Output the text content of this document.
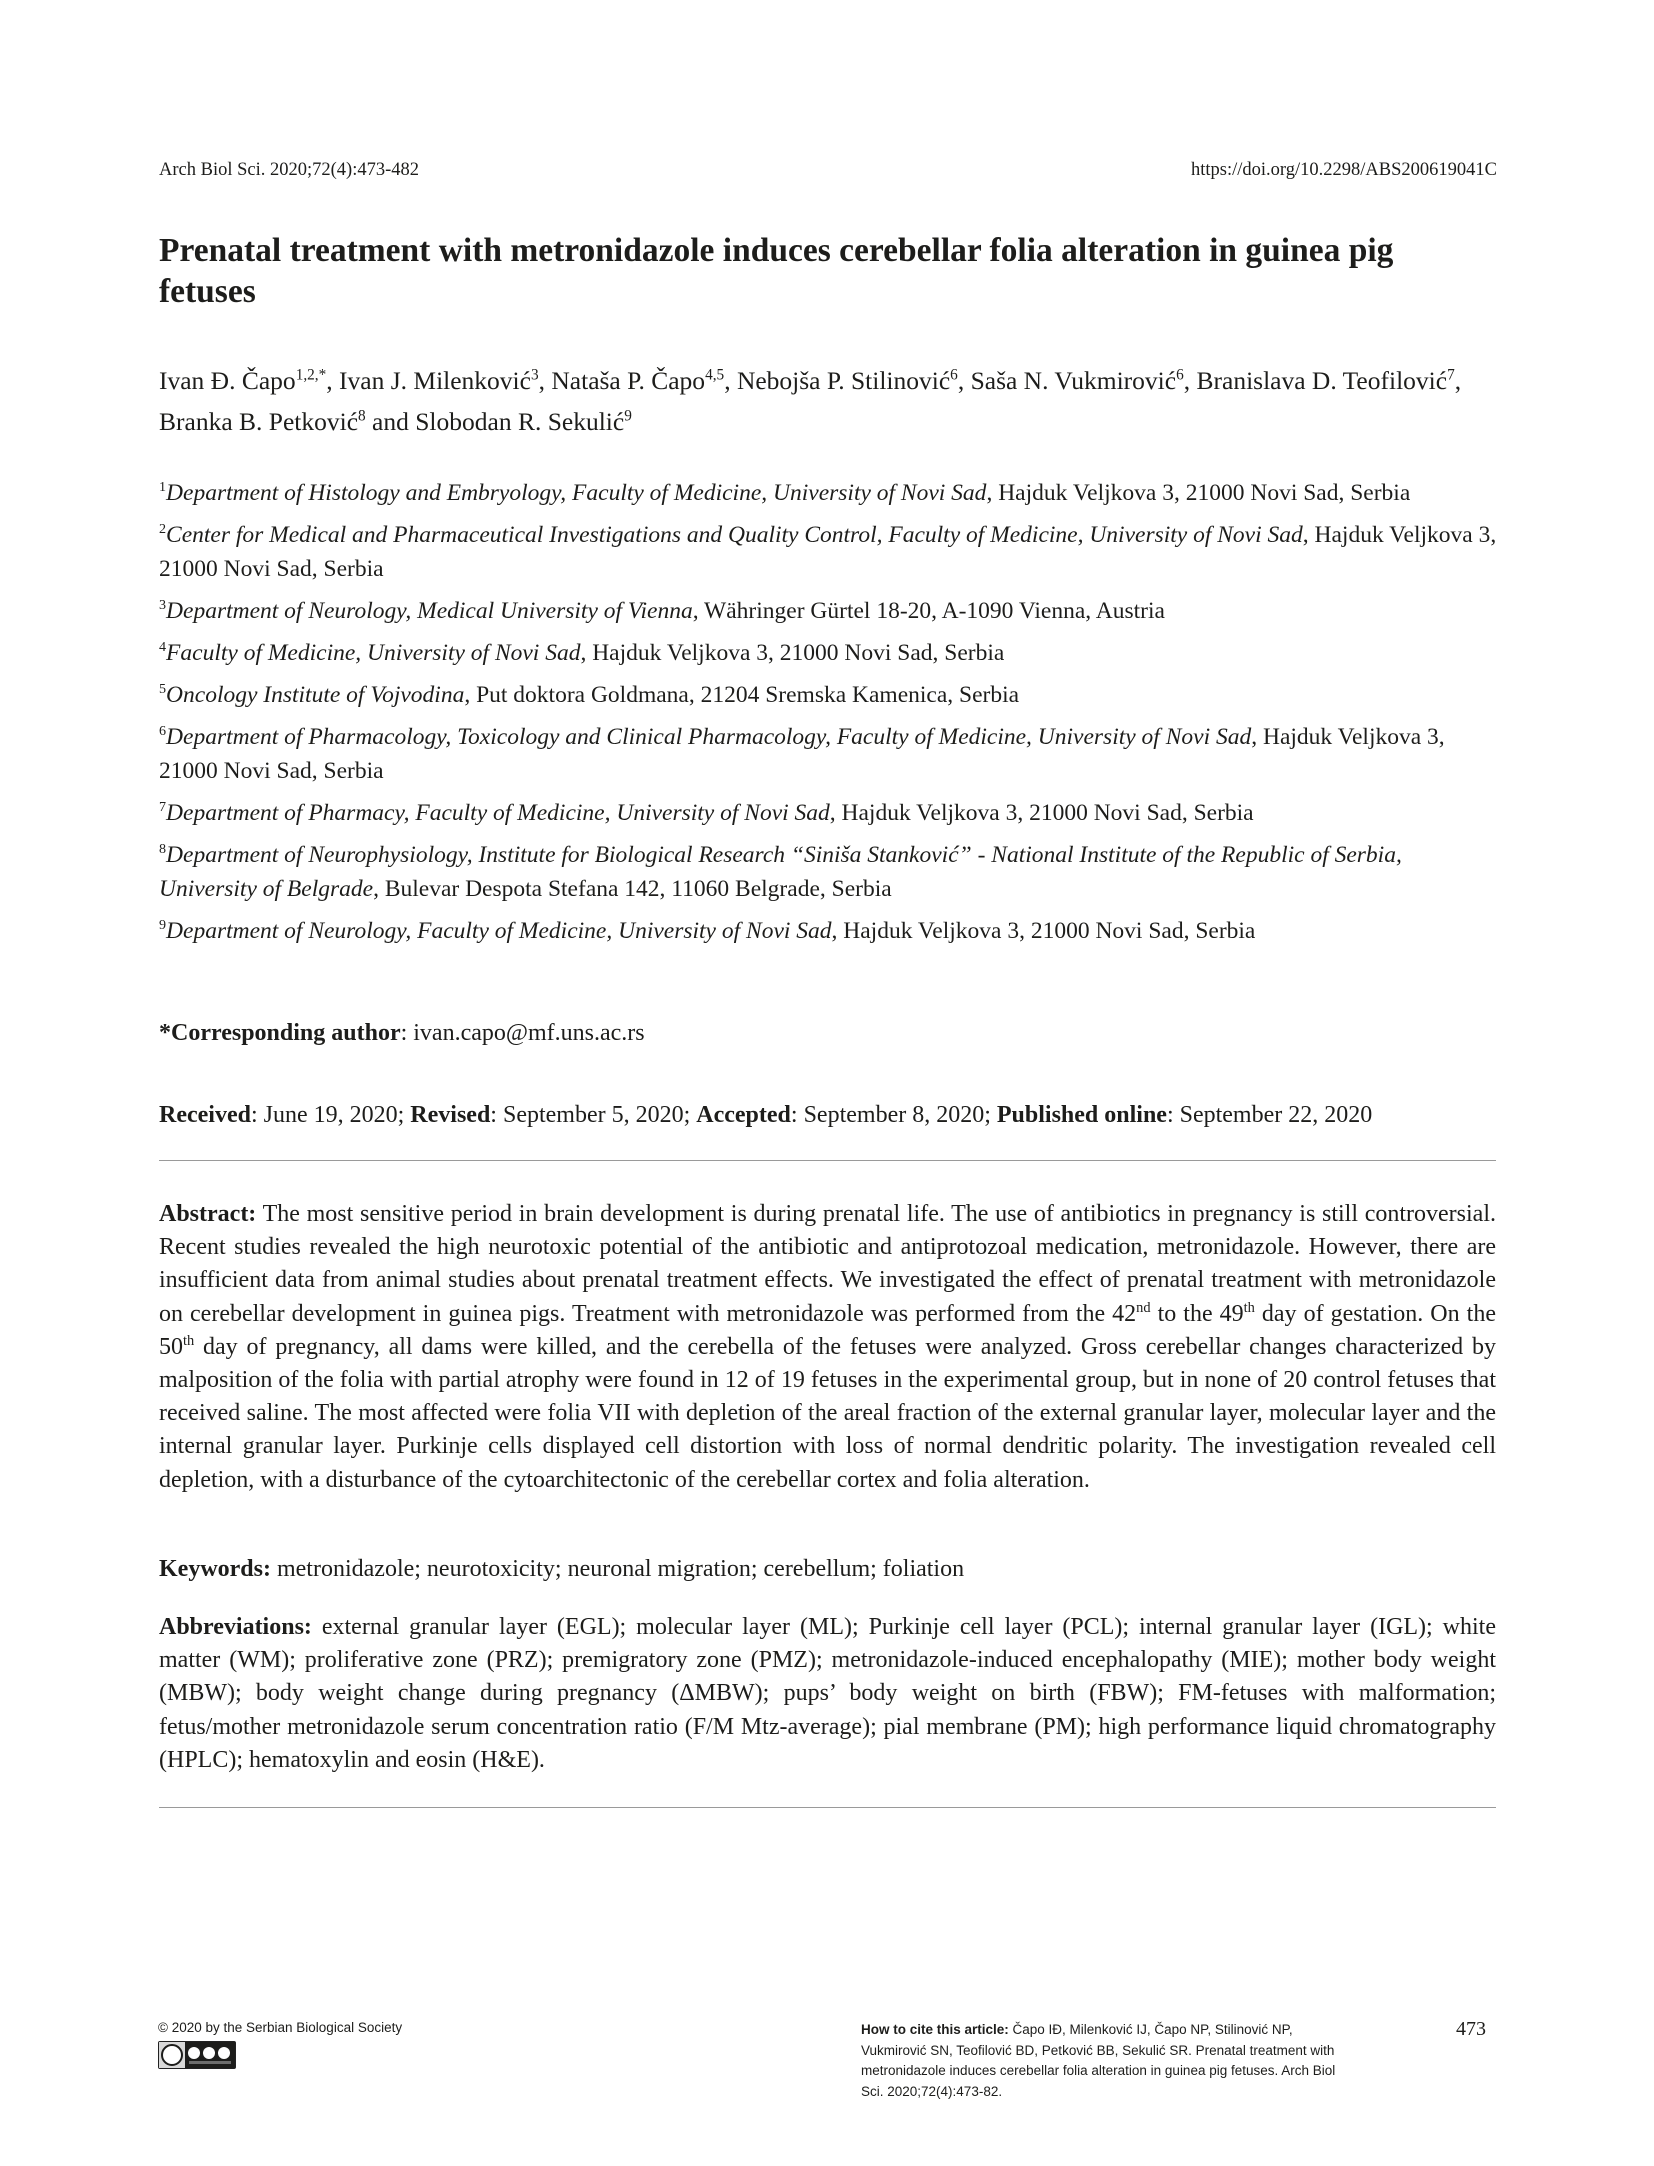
Arch Biol Sci. 2020;72(4):473-482	https://doi.org/10.2298/ABS200619041C
Prenatal treatment with metronidazole induces cerebellar folia alteration in guinea pig fetuses
Ivan Đ. Čapo$^{1,2,*}$, Ivan J. Milenković$^3$, Nataša P. Čapo$^{4,5}$, Nebojša P. Stilinović$^6$, Saša N. Vukmirović$^6$, Branislava D. Teofilović$^7$, Branka B. Petković$^8$ and Slobodan R. Sekulić$^9$

$^1$Department of Histology and Embryology, Faculty of Medicine, University of Novi Sad, Hajduk Veljkova 3, 21000 Novi Sad, Serbia

$^2$Center for Medical and Pharmaceutical Investigations and Quality Control, Faculty of Medicine, University of Novi Sad, Hajduk Veljkova 3, 21000 Novi Sad, Serbia

$^3$Department of Neurology, Medical University of Vienna, Währinger Gürtel 18-20, A-1090 Vienna, Austria

$^4$Faculty of Medicine, University of Novi Sad, Hajduk Veljkova 3, 21000 Novi Sad, Serbia

$^5$Oncology Institute of Vojvodina, Put doktora Goldmana, 21204 Sremska Kamenica, Serbia

$^6$Department of Pharmacology, Toxicology and Clinical Pharmacology, Faculty of Medicine, University of Novi Sad, Hajduk Veljkova 3, 21000 Novi Sad, Serbia

$^7$Department of Pharmacy, Faculty of Medicine, University of Novi Sad, Hajduk Veljkova 3, 21000 Novi Sad, Serbia

$^8$Department of Neurophysiology, Institute for Biological Research “Siniša Stanković” - National Institute of the Republic of Serbia, University of Belgrade, Bulevar Despota Stefana 142, 11060 Belgrade, Serbia

$^9$Department of Neurology, Faculty of Medicine, University of Novi Sad, Hajduk Veljkova 3, 21000 Novi Sad, Serbia

*Corresponding author: ivan.capo@mf.uns.ac.rs
Received: June 19, 2020; Revised: September 5, 2020; Accepted: September 8, 2020; Published online: September 22, 2020

Abstract: The most sensitive period in brain development is during prenatal life. The use of antibiotics in pregnancy is still controversial. Recent studies revealed the high neurotoxic potential of the antibiotic and antiprotozoal medication, metronidazole. However, there are insufficient data from animal studies about prenatal treatment effects. We investigated the effect of prenatal treatment with metronidazole on cerebellar development in guinea pigs. Treatment with metronidazole was performed from the 42nd to the 49th day of gestation. On the 50th day of pregnancy, all dams were killed, and the cerebella of the fetuses were analyzed. Gross cerebellar changes characterized by malposition of the folia with partial atrophy were found in 12 of 19 fetuses in the experimental group, but in none of 20 control fetuses that received saline. The most affected were folia VII with depletion of the areal fraction of the external granular layer, molecular layer and the internal granular layer. Purkinje cells displayed cell distortion with loss of normal dendritic polarity. The investigation revealed cell depletion, with a disturbance of the cytoarchitectonic of the cerebellar cortex and folia alteration.

Keywords: metronidazole; neurotoxicity; neuronal migration; cerebellum; foliation

Abbreviations: external granular layer (EGL); molecular layer (ML); Purkinje cell layer (PCL); internal granular layer (IGL); white matter (WM); proliferative zone (PRZ); premigratory zone (PMZ); metronidazole-induced encephalopathy (MIE); mother body weight (MBW); body weight change during pregnancy (ΔMBW); pups’ body weight on birth (FBW); FM-fetuses with malformation; fetus/mother metronidazole serum concentration ratio (F/M Mtz-average); pial membrane (PM); high performance liquid chromatography (HPLC); hematoxylin and eosin (H&E).

© 2020 by the Serbian Biological Society	How to cite this article: Čapo IĐ, Milenković IJ, Čapo NP, Stilinović NP, Vukmirović SN, Teofilović BD, Petković BB, Sekulić SR. Prenatal treatment with metronidazole induces cerebellar folia alteration in guinea pig fetuses. Arch Biol Sci. 2020;72(4):473-82.
473
